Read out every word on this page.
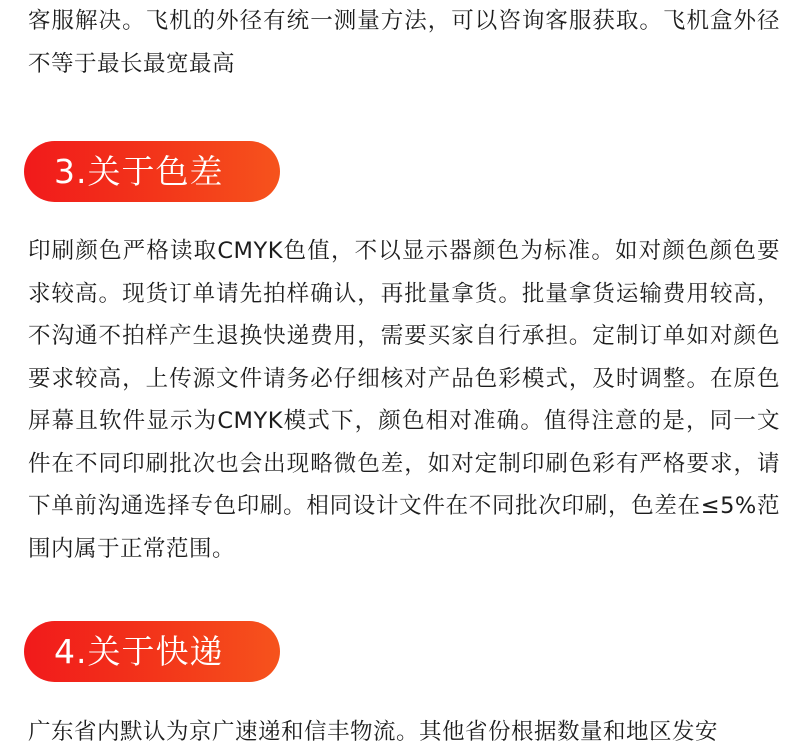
客服解决。飞机的外径有统一测量方法，可以咨询客服获取。飞机盒外径不等于最长最宽最高

3.关于色差

印刷颜色严格读取CMYK色值，不以显示器颜色为标准。如对颜色颜色要求较高。现货订单请先拍样确认，再批量拿货。批量拿货运输费用较高，不沟通不拍样产生退换快递费用，需要买家自行承担。定制订单如对颜色要求较高，上传源文件请务必仔细核对产品色彩模式，及时调整。在原色屏幕且软件显示为CMYK模式下，颜色相对准确。值得注意的是，同一文件在不同印刷批次也会出现略微色差，如对定制印刷色彩有严格要求，请下单前沟通选择专色印刷。相同设计文件在不同批次印刷，色差在≤5%范围内属于正常范围。

4.关于快递

广东省内默认为京广速递和信丰物流。其他省份根据数量和地区发安
